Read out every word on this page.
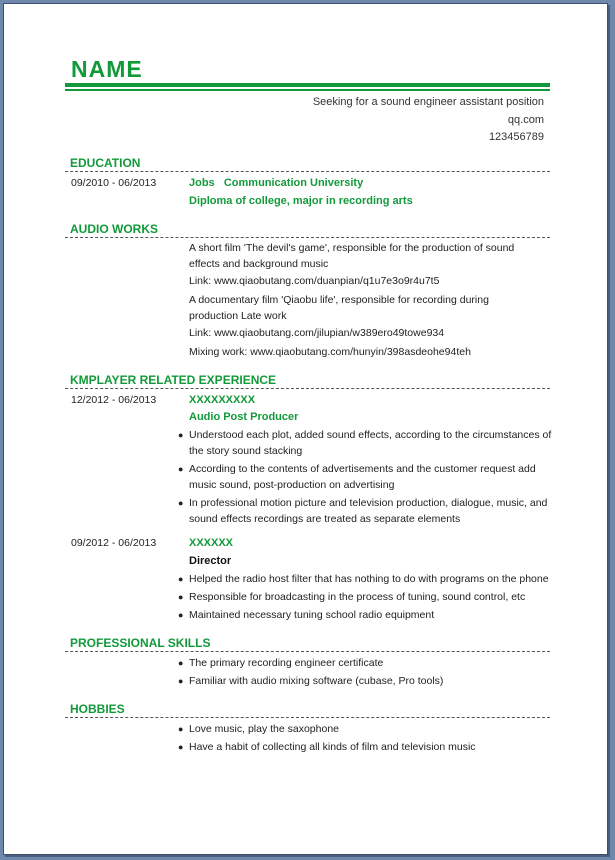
NAME
Seeking for a sound engineer assistant position
qq.com
123456789
EDUCATION
09/2010 - 06/2013	Jobs   Communication University
Diploma of college, major in recording arts
AUDIO WORKS
A short film 'The devil's game', responsible for the production of sound
effects and background music
Link: www.qiaobutang.com/duanpian/q1u7e3o9r4u7t5
A documentary film 'Qiaobu life', responsible for recording during
production Late work
Link: www.qiaobutang.com/jilupian/w389ero49towe934
Mixing work: www.qiaobutang.com/hunyin/398asdeohe94teh
KMPLAYER RELATED EXPERIENCE
12/2012 - 06/2013	XXXXXXXXX
Audio Post Producer
● Understood each plot, added sound effects, according to the circumstances of
the story sound stacking
● According to the contents of advertisements and the customer request add
music sound, post-production on advertising
● In professional motion picture and television production, dialogue, music, and
sound effects recordings are treated as separate elements
09/2012 - 06/2013	XXXXXX
Director
● Helped the radio host filter that has nothing to do with programs on the phone
● Responsible for broadcasting in the process of tuning, sound control, etc
● Maintained necessary tuning school radio equipment
PROFESSIONAL SKILLS
● The primary recording engineer certificate
● Familiar with audio mixing software (cubase, Pro tools)
HOBBIES
● Love music, play the saxophone
● Have a habit of collecting all kinds of film and television music
